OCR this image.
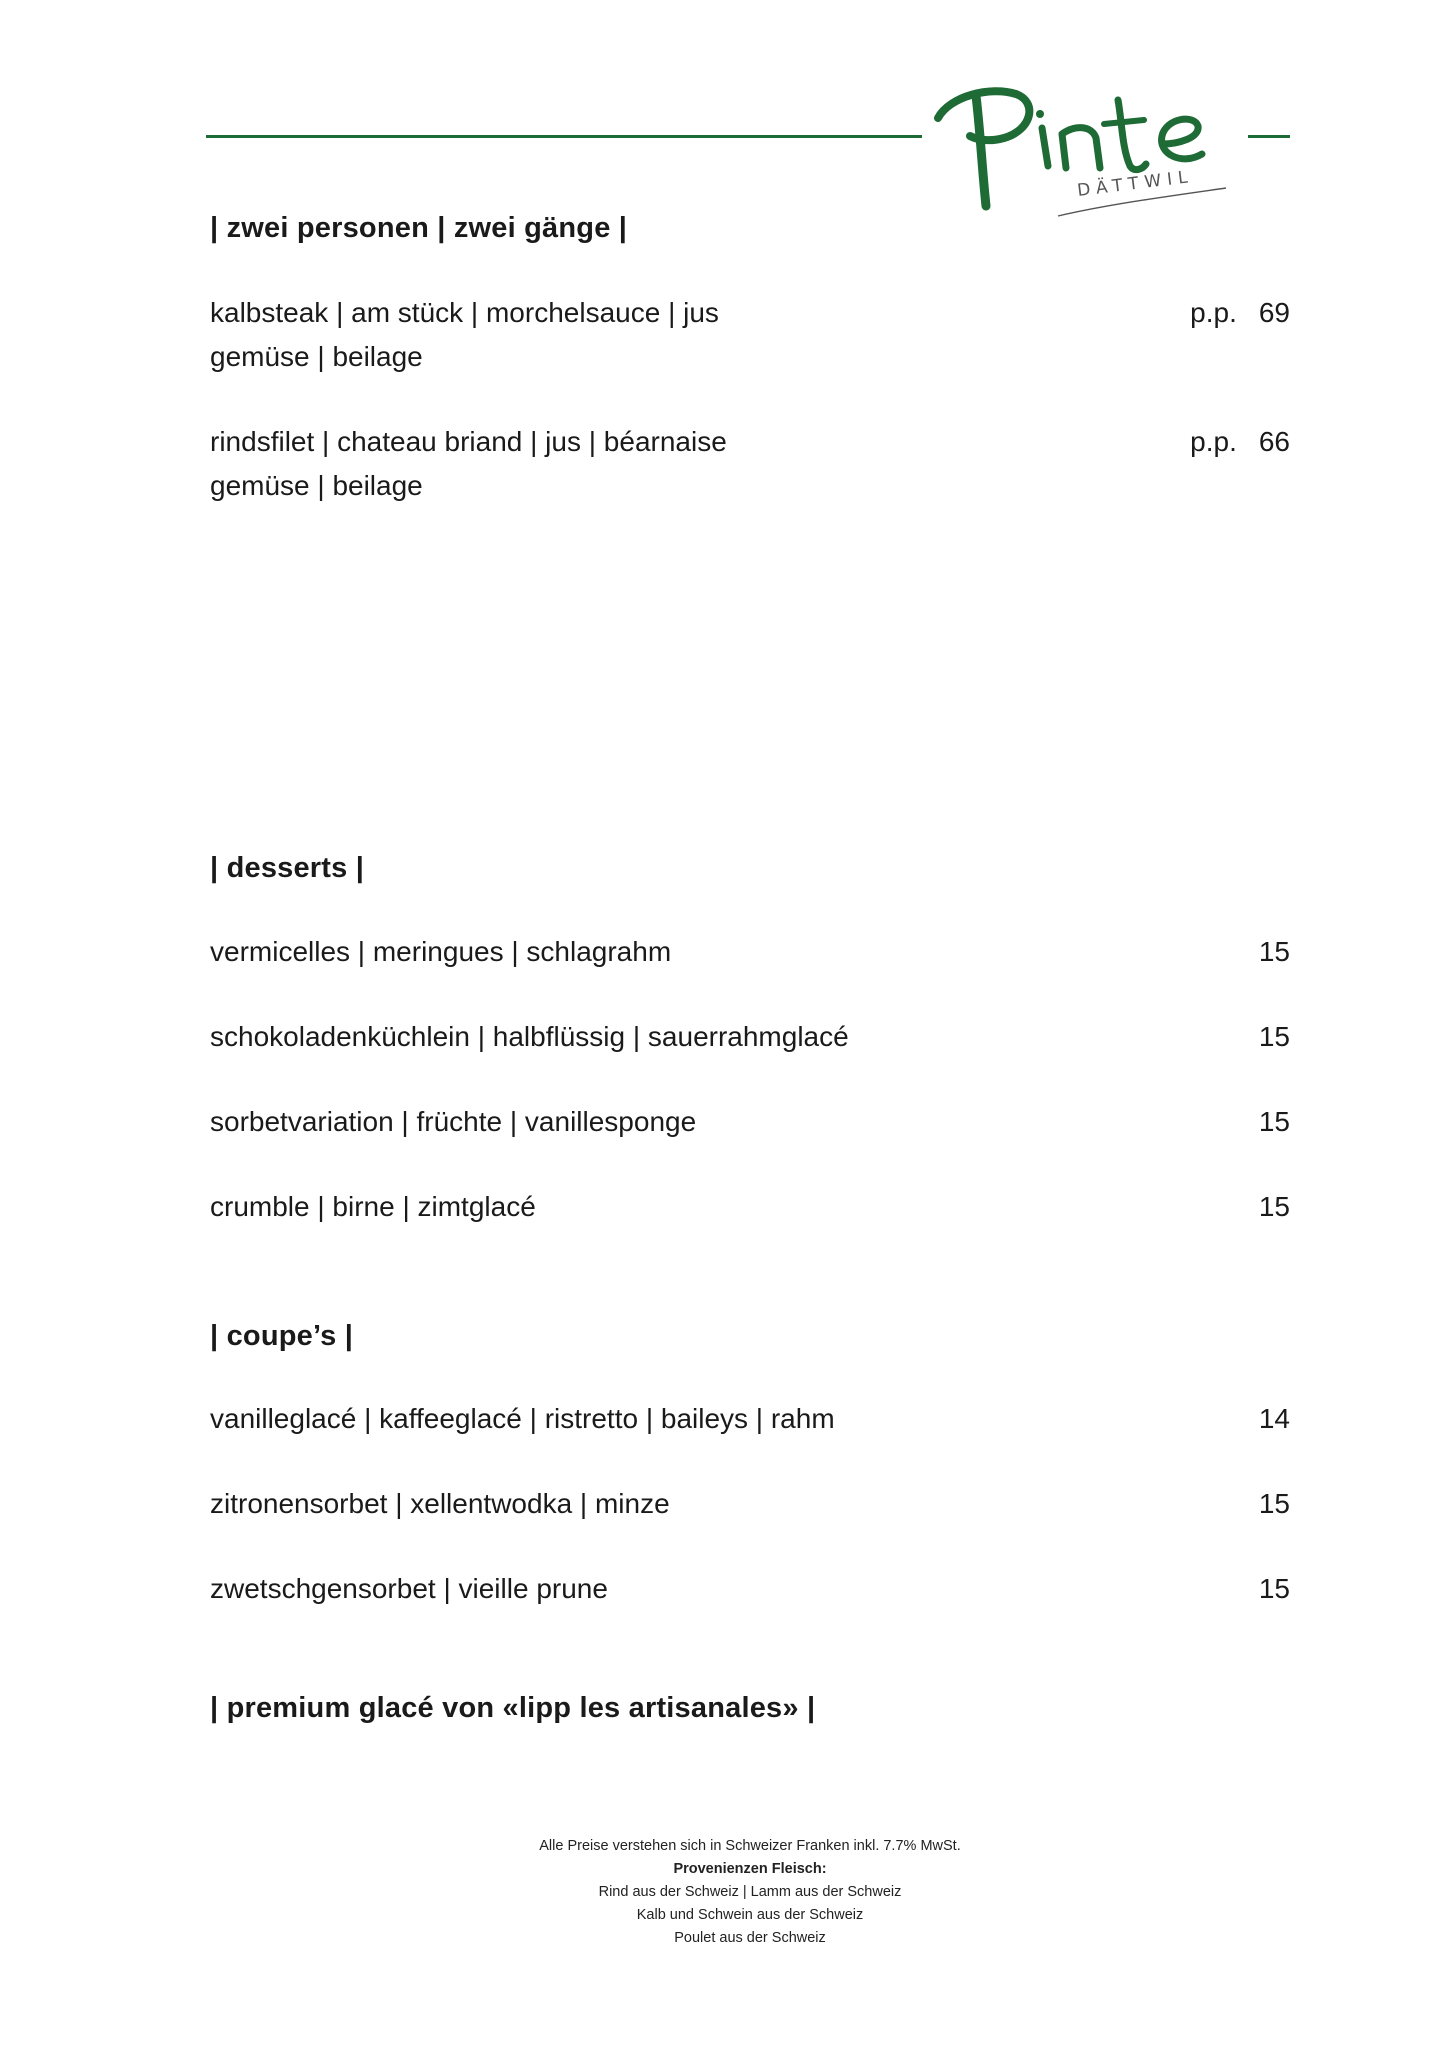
DÄTTWIL
| zwei personen | zwei gänge |
kalbsteak | am stück | morchelsauce | jus
gemüse | beilage
p.p. 69
rindsfilet | chateau briand | jus | béarnaise
gemüse | beilage
p.p. 66
| desserts |
vermicelles | meringues | schlagrahm	15
schokoladenküchlein | halbflüssig | sauerrahmglacé	15
sorbetvariation | früchte | vanillesponge	15
crumble | birne | zimtglacé	15
| coupe’s |
vanilleglacé | kaffeeglacé | ristretto | baileys | rahm	14
zitronensorbet | xellentwodka | minze	15
zwetschgensorbet | vieille prune	15
| premium glacé von «lipp les artisanales» |
Alle Preise verstehen sich in Schweizer Franken inkl. 7.7% MwSt.
Provenienzen Fleisch:
Rind aus der Schweiz | Lamm aus der Schweiz
Kalb und Schwein aus der Schweiz
Poulet aus der Schweiz
